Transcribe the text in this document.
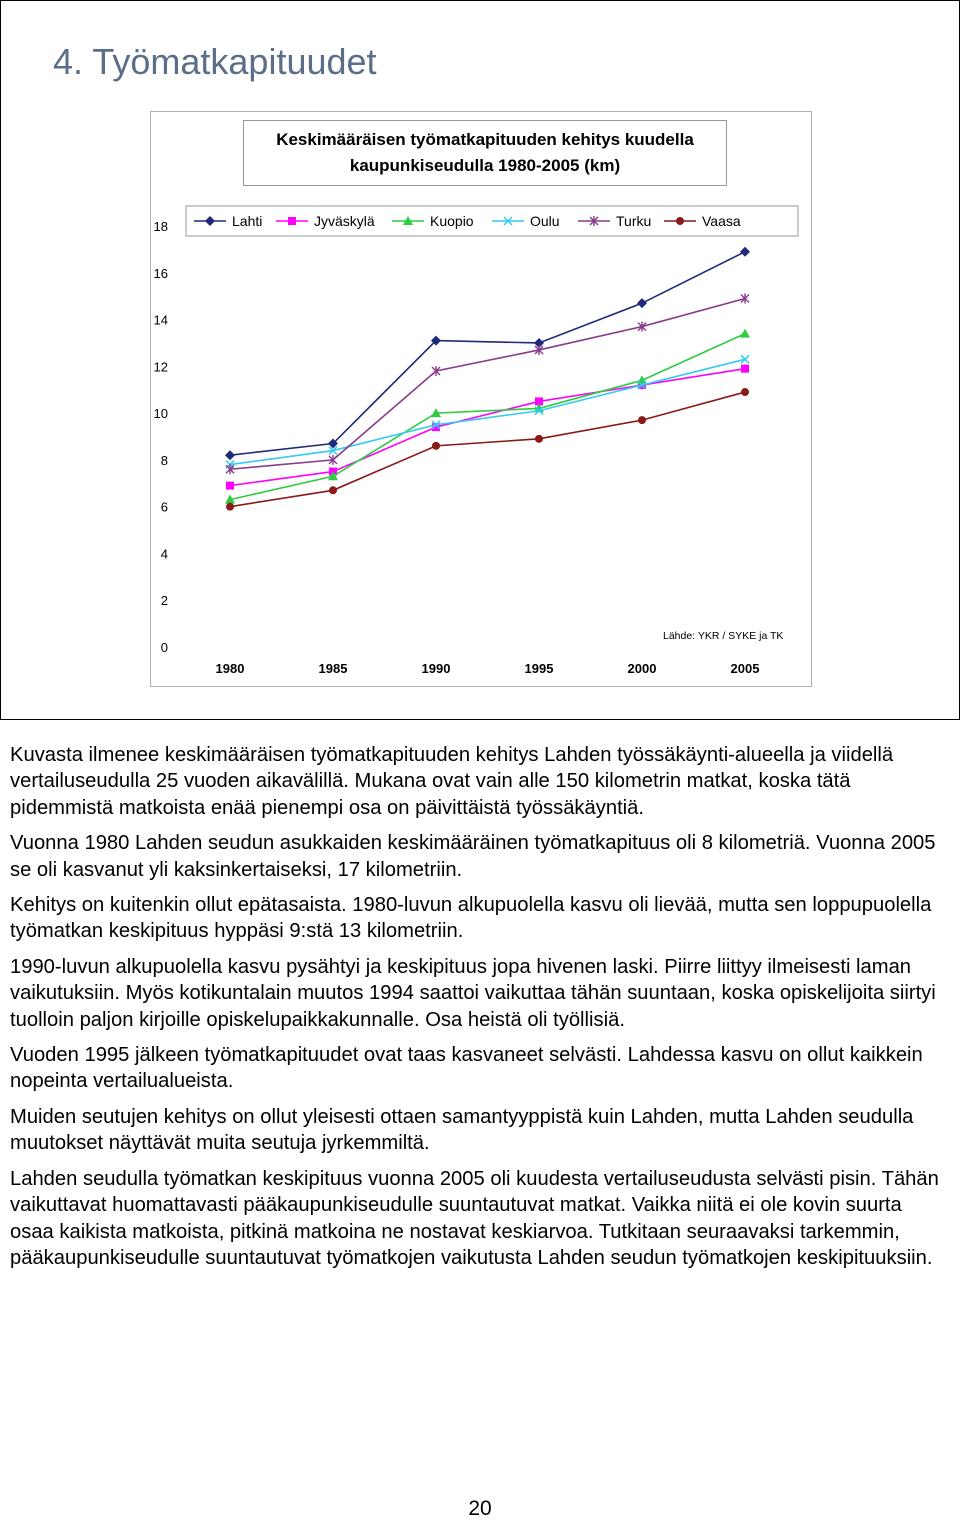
4. Työmatkapituudet
0
2
4
6
8
10
12
14
16
18
1980	1985	1990	1995	2000	2005
Lähde: YKR / SYKE ja TK
Lahti	Jyväskylä	Kuopio	Oulu	Turku	Vaasa
Keskimääräisen työmatkapituuden kehitys kuudella
kaupunkiseudulla 1980-2005 (km)

Kuvasta ilmenee keskimääräisen työmatkapituuden kehitys Lahden työssäkäynti-alueella ja viidellä vertailuseudulla 25 vuoden aikavälillä. Mukana ovat vain alle 150 kilometrin matkat, koska tätä pidemmistä matkoista enää pienempi osa on päivittäistä työssäkäyntiä.

Vuonna 1980 Lahden seudun asukkaiden keskimääräinen työmatkapituus oli 8 kilometriä. Vuonna 2005 se oli kasvanut yli kaksinkertaiseksi, 17 kilometriin.

Kehitys on kuitenkin ollut epätasaista. 1980-luvun alkupuolella kasvu oli lievää, mutta sen loppupuolella työmatkan keskipituus hyppäsi 9:stä 13 kilometriin.

1990-luvun alkupuolella kasvu pysähtyi ja keskipituus jopa hivenen laski. Piirre liittyy ilmeisesti laman vaikutuksiin. Myös kotikuntalain muutos 1994 saattoi vaikuttaa tähän suuntaan, koska opiskelijoita siirtyi tuolloin paljon kirjoille opiskelupaikkakunnalle. Osa heistä oli työllisiä.

Vuoden 1995 jälkeen työmatkapituudet ovat taas kasvaneet selvästi. Lahdessa kasvu on ollut kaikkein nopeinta vertailualueista.

Muiden seutujen kehitys on ollut yleisesti ottaen samantyyppistä kuin Lahden, mutta Lahden seudulla muutokset näyttävät muita seutuja jyrkemmiltä.

Lahden seudulla työmatkan keskipituus vuonna 2005 oli kuudesta vertailuseudusta selvästi pisin. Tähän vaikuttavat huomattavasti pääkaupunkiseudulle suuntautuvat matkat. Vaikka niitä ei ole kovin suurta osaa kaikista matkoista, pitkinä matkoina ne nostavat keskiarvoa. Tutkitaan seuraavaksi tarkemmin, pääkaupunkiseudulle suuntautuvat työmatkojen vaikutusta Lahden seudun työmatkojen keskipituuksiin.

20
